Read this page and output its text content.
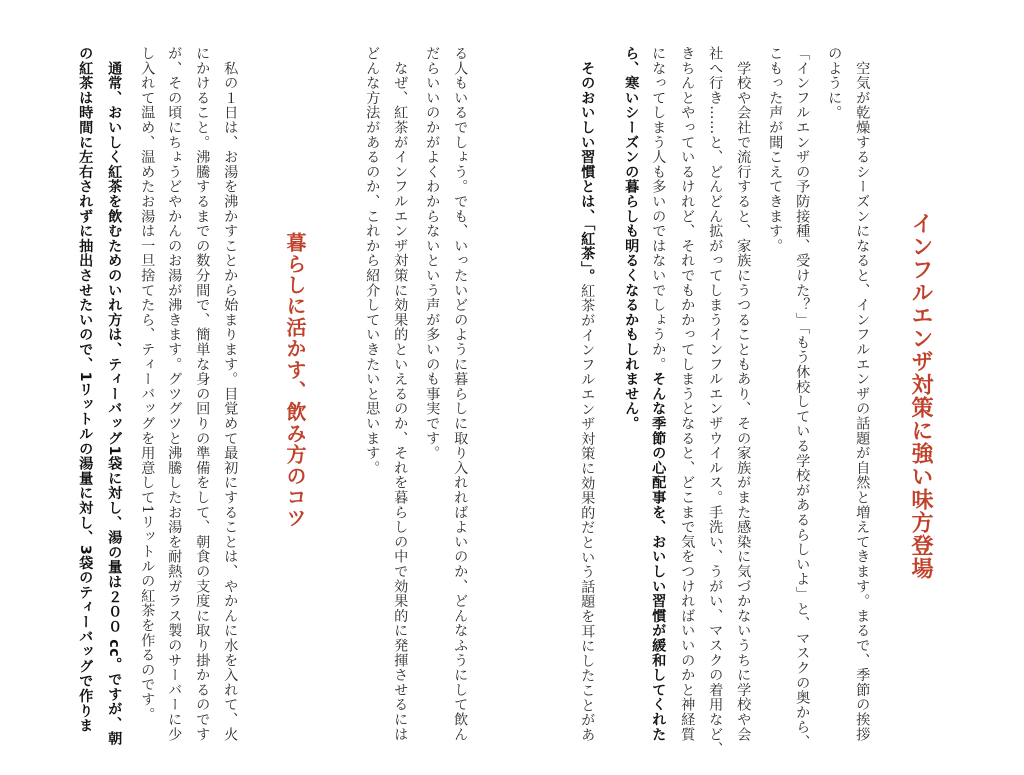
インフルエンザ対策に強い味方登場
　空気が乾燥するシーズンになると、インフルエンザの話題が自然と増えてきます。まるで、季節の挨拶
のように。
「インフルエンザの予防接種、受けた？」「もう休校している学校があるらしいよ」と、マスクの奥から、
こもった声が聞こえてきます。
　学校や会社で流行すると、家族にうつることもあり、その家族がまた感染に気づかないうちに学校や会
社へ行き……と、どんどん拡がってしまうインフルエンザウイルス。手洗い、うがい、マスクの着用など、
きちんとやっているけれど、それでもかかってしまうとなると、どこまで気をつければいいのかと神経質
になってしまう人も多いのではないでしょうか。そんな季節の心配事を、おいしい習慣が緩和してくれた
ら、寒いシーズンの暮らしも明るくなるかもしれません。
　そのおいしい習慣とは、「紅茶」。紅茶がインフルエンザ対策に効果的だという話題を耳にしたことがあ
る人もいるでしょう。でも、いったいどのように暮らしに取り入れればよいのか、どんなふうにして飲ん
だらいいのかがよくわからないという声が多いのも事実です。
　なぜ、紅茶がインフルエンザ対策に効果的といえるのか、それを暮らしの中で効果的に発揮させるには
どんな方法があるのか、これから紹介していきたいと思います。
暮らしに活かす、飲み方のコツ
　私の１日は、お湯を沸かすことから始まります。目覚めて最初にすることは、やかんに水を入れて、火
にかけること。沸騰するまでの数分間で、簡単な身の回りの準備をして、朝食の支度に取り掛かるのです
が、その頃にちょうどやかんのお湯が沸きます。グツグツと沸騰したお湯を耐熱ガラス製のサーバーに少
し入れて温め、温めたお湯は一旦捨てたら、ティーバッグを用意して1リットルの紅茶を作るのです。
　通常、おいしく紅茶を飲むためのいれ方は、ティーバッグ1袋に対し、湯の量は２００ cc。ですが、朝
の紅茶は時間に左右されずに抽出させたいので、1リットルの湯量に対し、3袋のティーバッグで作りま
